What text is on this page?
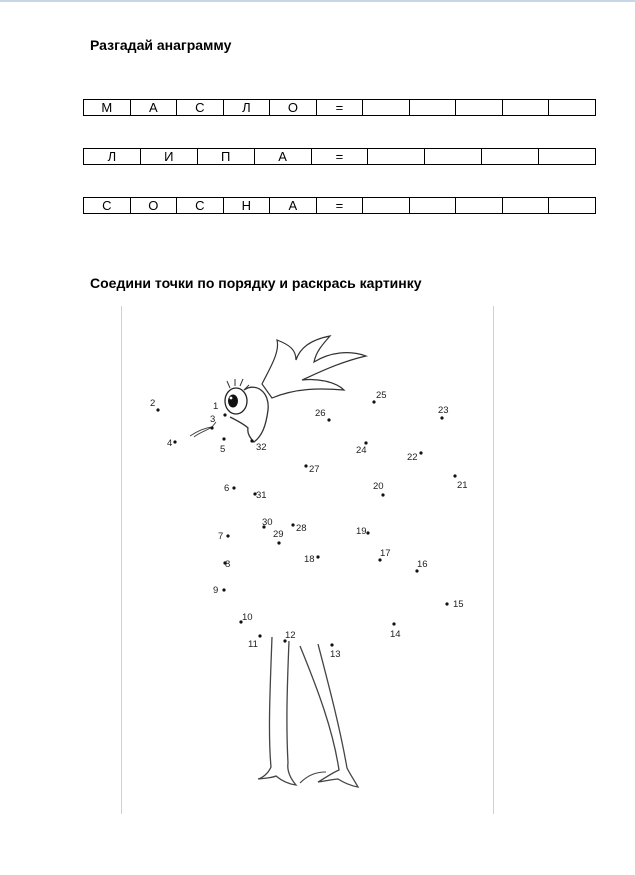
Разгадай анаграмму
М	А	С	Л	О	=					
Л	И	П	А	=				
С	О	С	Н	А	=					
Соедини точки по порядку и раскрась картинку
1
2
3
4
5
6
7
8
9
10
11
12
13
14
15
16
17
18
19
20	21
22
23
24
25
26
27
28
29
30
31
32
